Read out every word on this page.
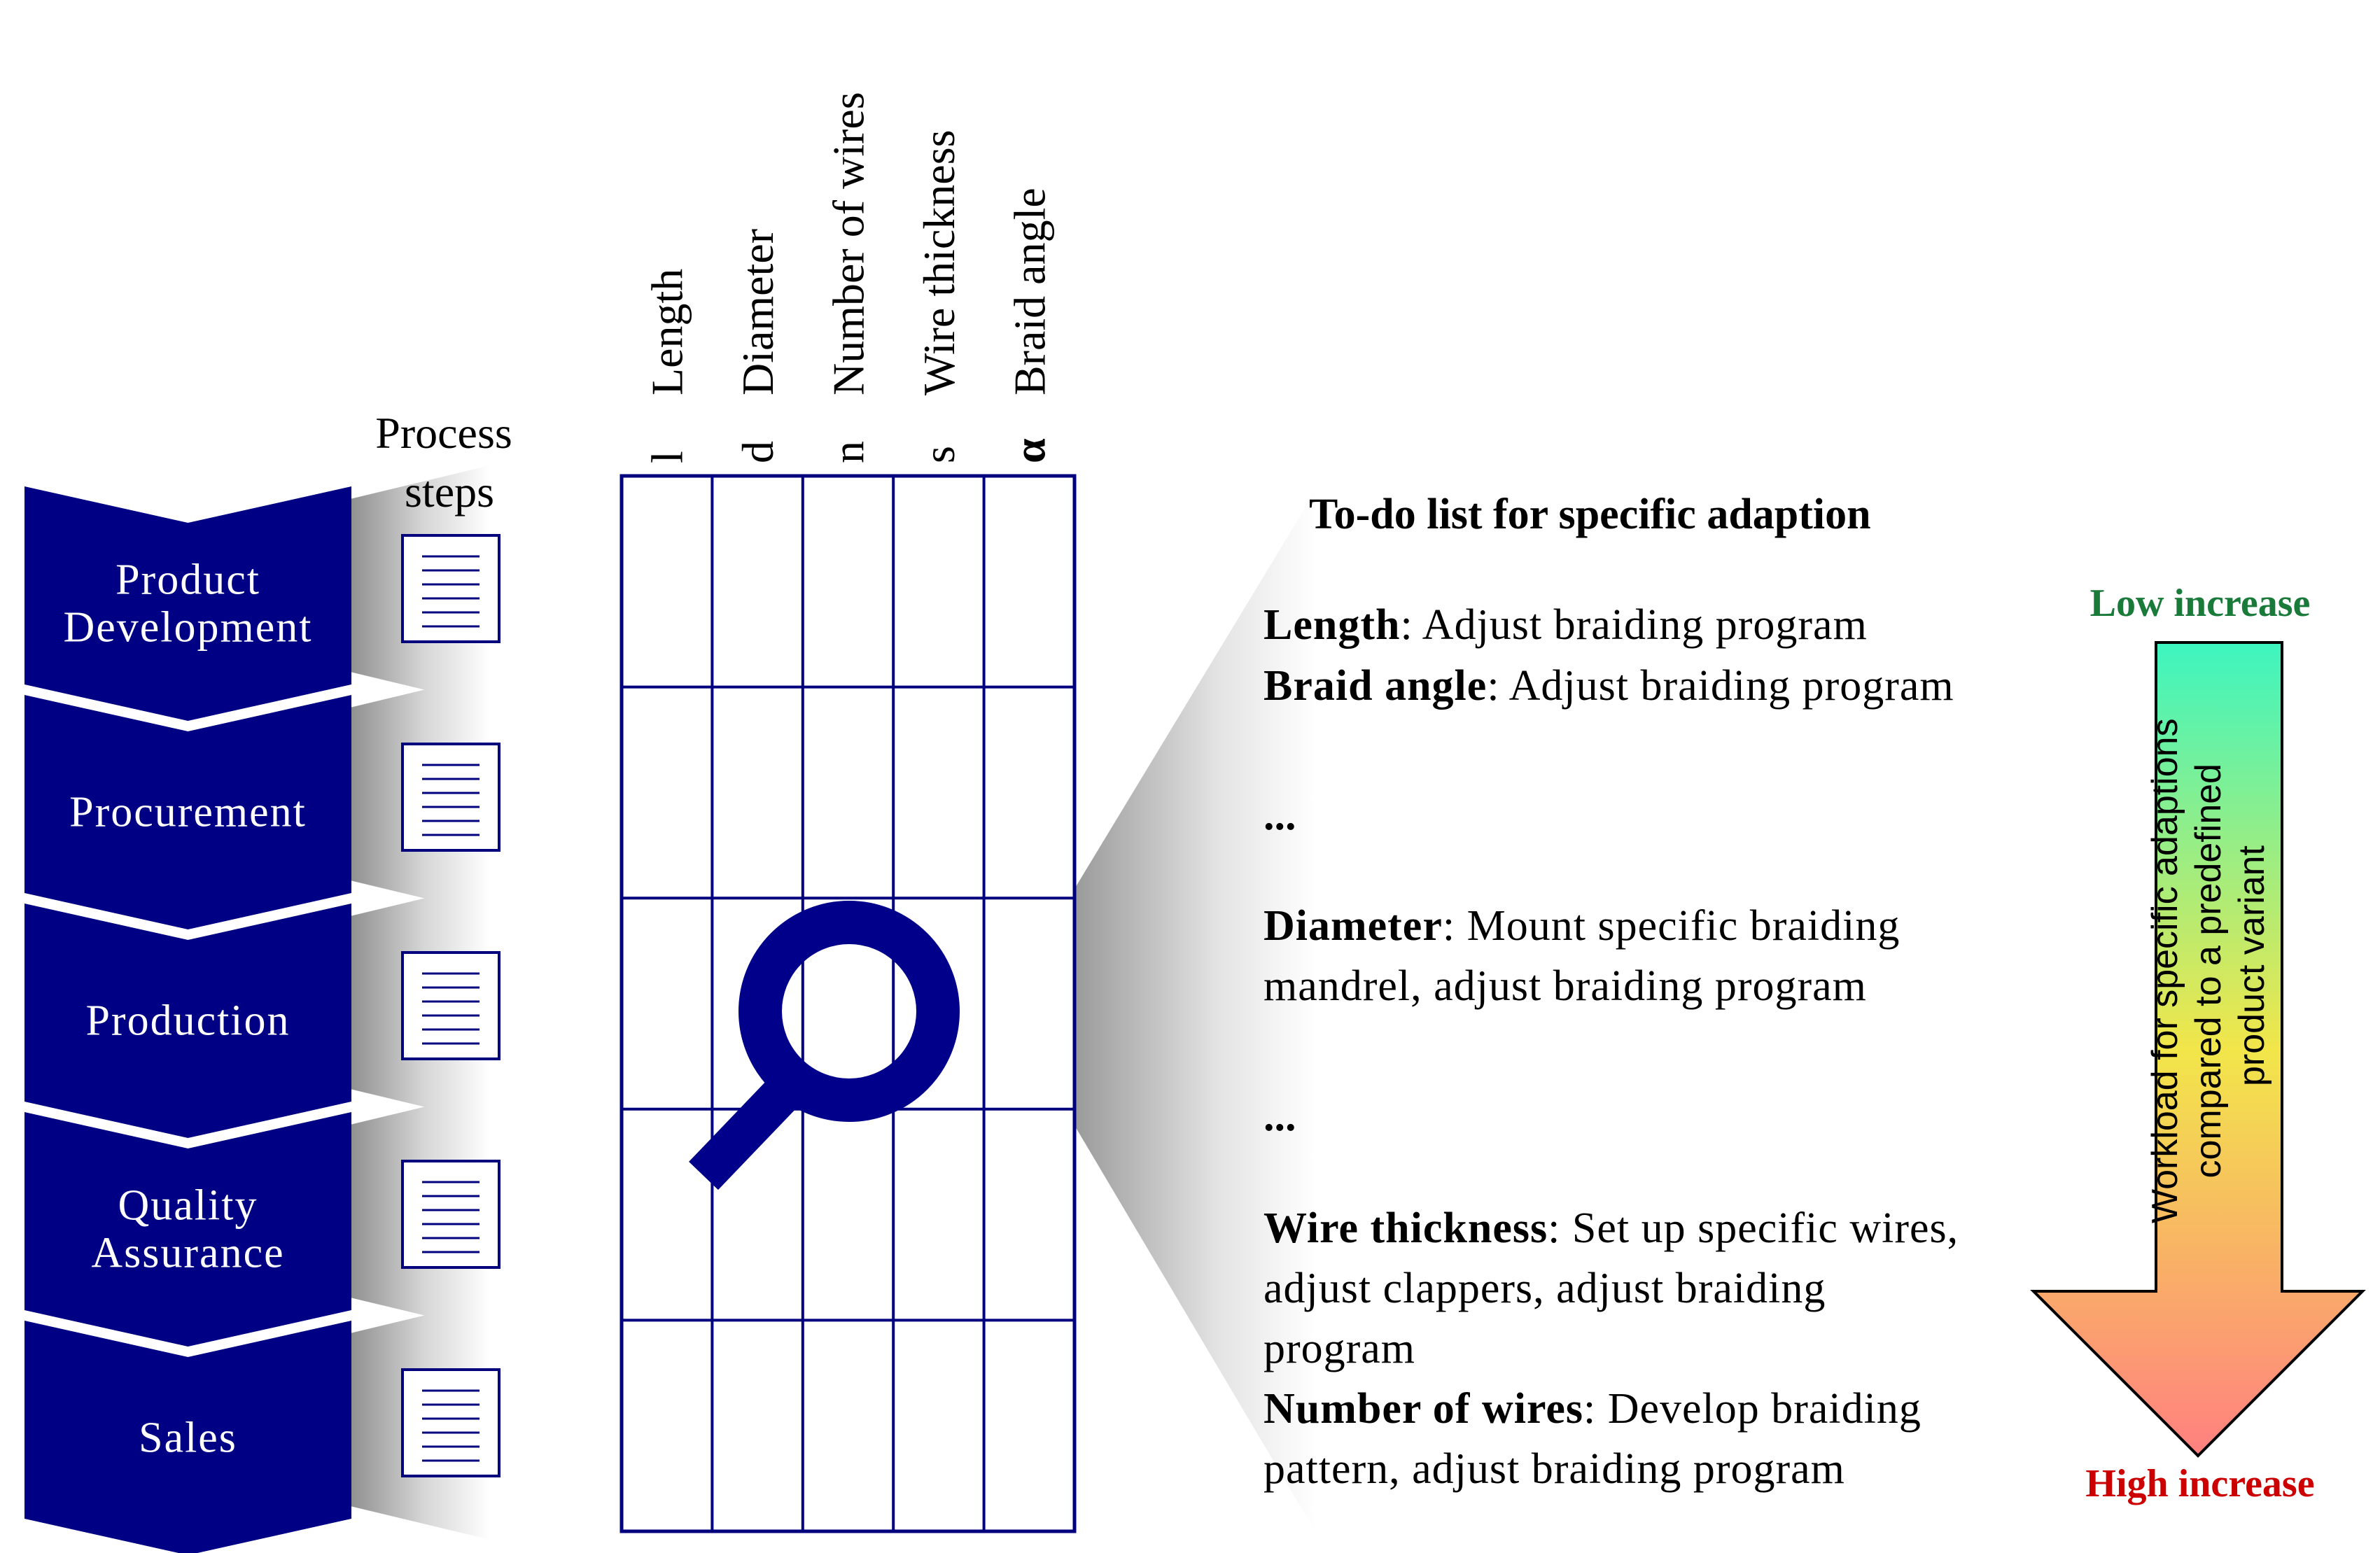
Product Development
Procurement
Production
Quality Assurance
Sales
Process steps
l
Length
d
Diameter
n
Number of wires
s
Wire thickness
α
Braid angle
To-do list for specific adaption
Length: Adjust braiding program
Braid angle: Adjust braiding program
...
Diameter: Mount specific braiding mandrel, adjust braiding program
...
Wire thickness: Set up specific wires, adjust clappers, adjust braiding program
Number of wires: Develop braiding pattern, adjust braiding program
Low increase
Workload for specific adaptions compared to a predefined product variant
High increase
